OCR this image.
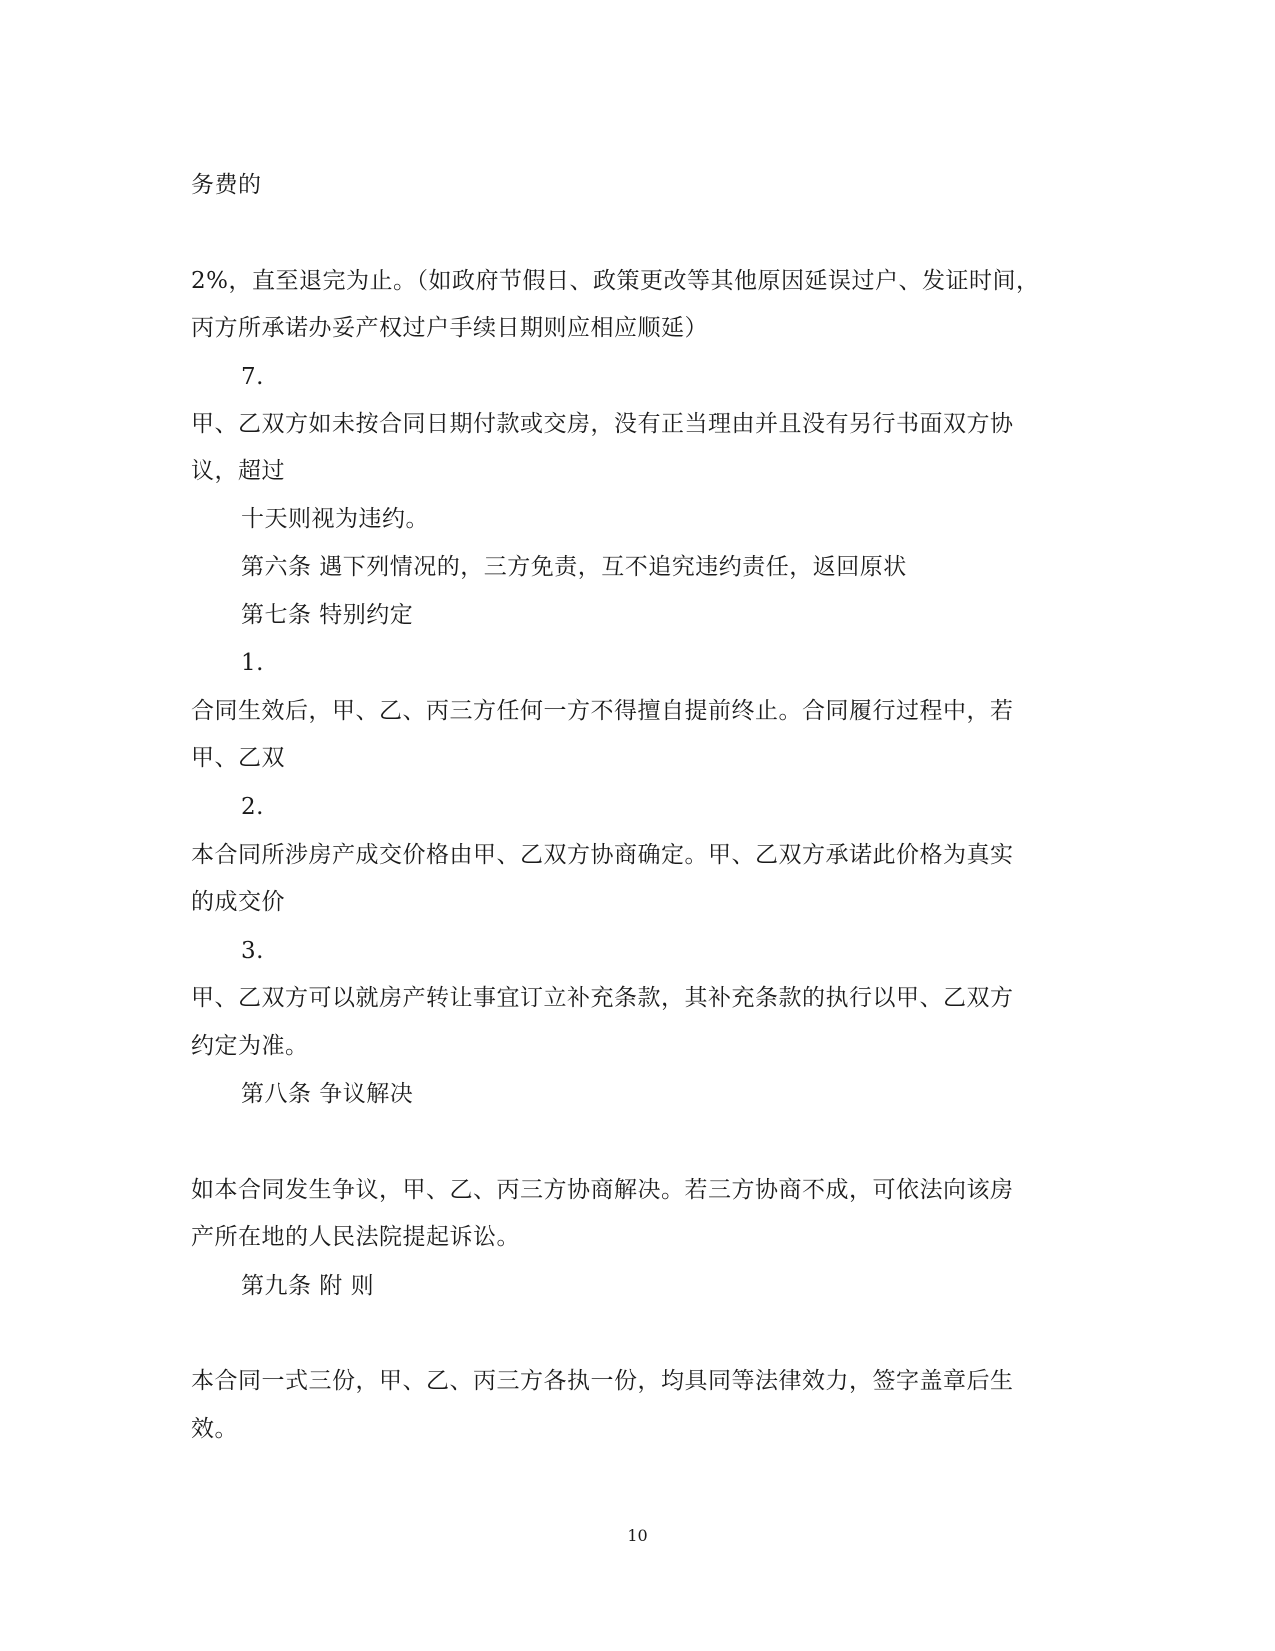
务费的
2%，直至退完为止。（如政府节假日、政策更改等其他原因延误过户、发证时间，
丙方所承诺办妥产权过户手续日期则应相应顺延）
7.
甲、乙双方如未按合同日期付款或交房，没有正当理由并且没有另行书面双方协
议，超过
十天则视为违约。
第六条 遇下列情况的，三方免责，互不追究违约责任，返回原状
第七条 特别约定
1.
合同生效后，甲、乙、丙三方任何一方不得擅自提前终止。合同履行过程中，若
甲、乙双
2.
本合同所涉房产成交价格由甲、乙双方协商确定。甲、乙双方承诺此价格为真实
的成交价
3.
甲、乙双方可以就房产转让事宜订立补充条款，其补充条款的执行以甲、乙双方
约定为准。
第八条 争议解决
如本合同发生争议，甲、乙、丙三方协商解决。若三方协商不成，可依法向该房
产所在地的人民法院提起诉讼。
第九条 附 则
本合同一式三份，甲、乙、丙三方各执一份，均具同等法律效力，签字盖章后生
效。
10
